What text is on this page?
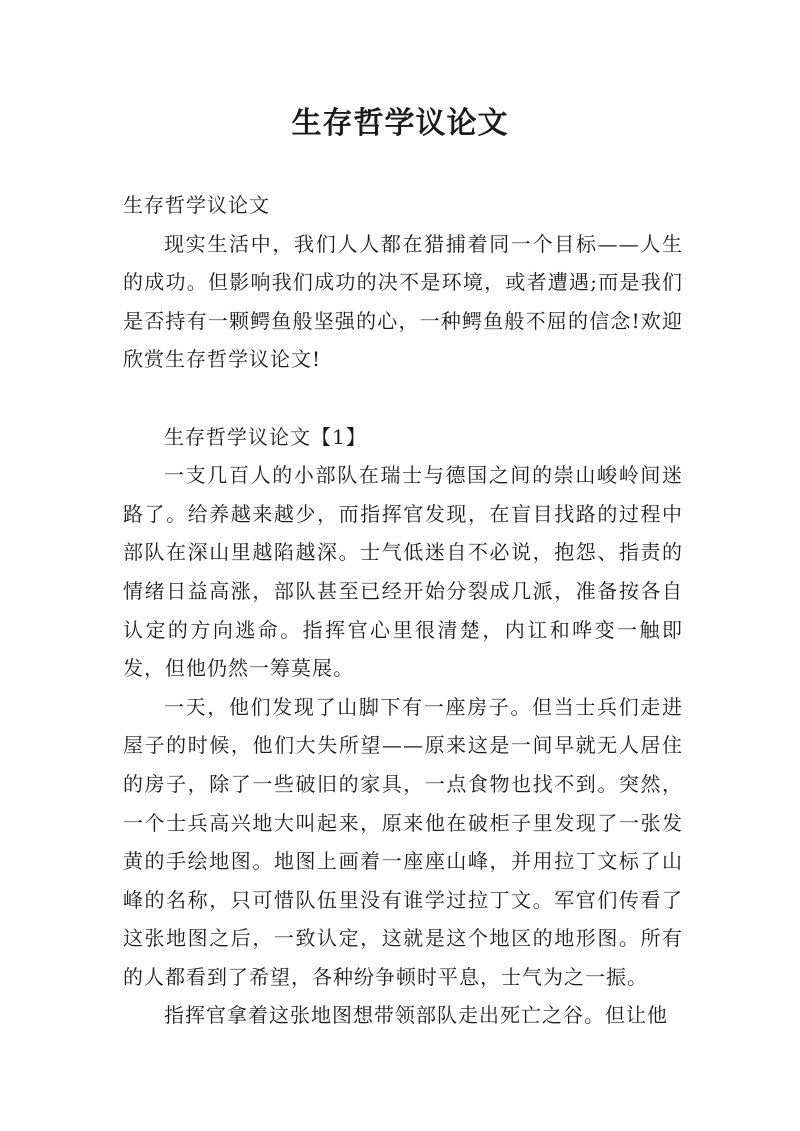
生存哲学议论文

生存哲学议论文

现实生活中，我们人人都在猎捕着同一个目标——人生的成功。但影响我们成功的决不是环境，或者遭遇;而是我们是否持有一颗鳄鱼般坚强的心，一种鳄鱼般不屈的信念!欢迎欣赏生存哲学议论文!

生存哲学议论文【1】

一支几百人的小部队在瑞士与德国之间的崇山峻岭间迷路了。给养越来越少，而指挥官发现，在盲目找路的过程中部队在深山里越陷越深。士气低迷自不必说，抱怨、指责的情绪日益高涨，部队甚至已经开始分裂成几派，准备按各自认定的方向逃命。指挥官心里很清楚，内讧和哗变一触即发，但他仍然一筹莫展。

一天，他们发现了山脚下有一座房子。但当士兵们走进屋子的时候，他们大失所望——原来这是一间早就无人居住的房子，除了一些破旧的家具，一点食物也找不到。突然，一个士兵高兴地大叫起来，原来他在破柜子里发现了一张发黄的手绘地图。地图上画着一座座山峰，并用拉丁文标了山峰的名称，只可惜队伍里没有谁学过拉丁文。军官们传看了这张地图之后，一致认定，这就是这个地区的地形图。所有的人都看到了希望，各种纷争顿时平息，士气为之一振。

指挥官拿着这张地图想带领部队走出死亡之谷。但让他
